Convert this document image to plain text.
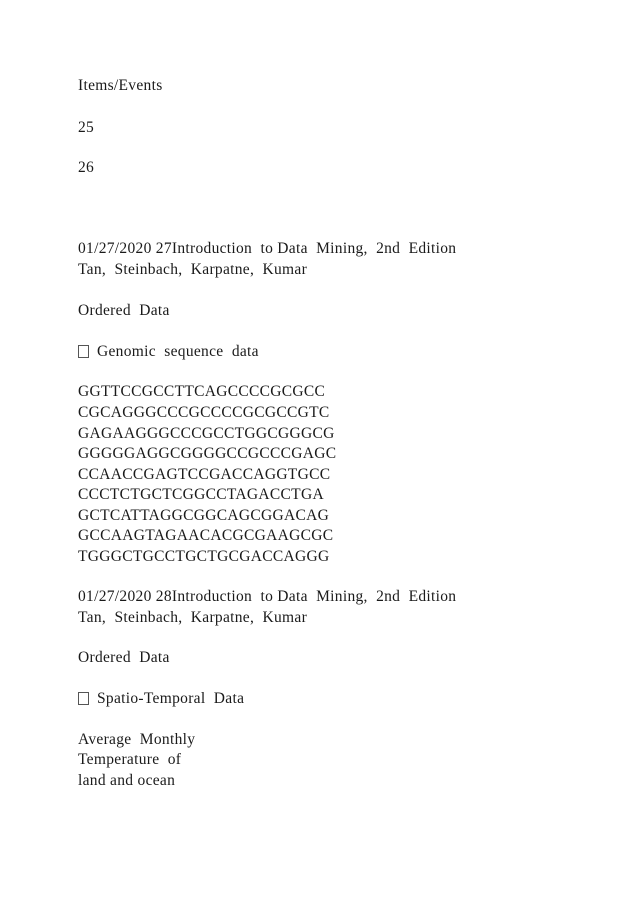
Items/Events
25
26
01/27/2020 27Introduction  to Data  Mining,  2nd  Edition
Tan,  Steinbach,  Karpatne,  Kumar
Ordered  Data
Genomic  sequence  data
GGTTCCGCCTTCAGCCCCGCGCC
CGCAGGGCCCGCCCCGCGCCGTC
GAGAAGGGCCCGCCTGGCGGGCG
GGGGGAGGCGGGGCCGCCCGAGC
CCAACCGAGTCCGACCAGGTGCC
CCCTCTGCTCGGCCTAGACCTGA
GCTCATTAGGCGGCAGCGGACAG
GCCAAGTAGAACACGCGAAGCGC
TGGGCTGCCTGCTGCGACCAGGG
01/27/2020 28Introduction  to Data  Mining,  2nd  Edition
Tan,  Steinbach,  Karpatne,  Kumar
Ordered  Data
Spatio-Temporal  Data
Average  Monthly
Temperature  of
land and ocean
